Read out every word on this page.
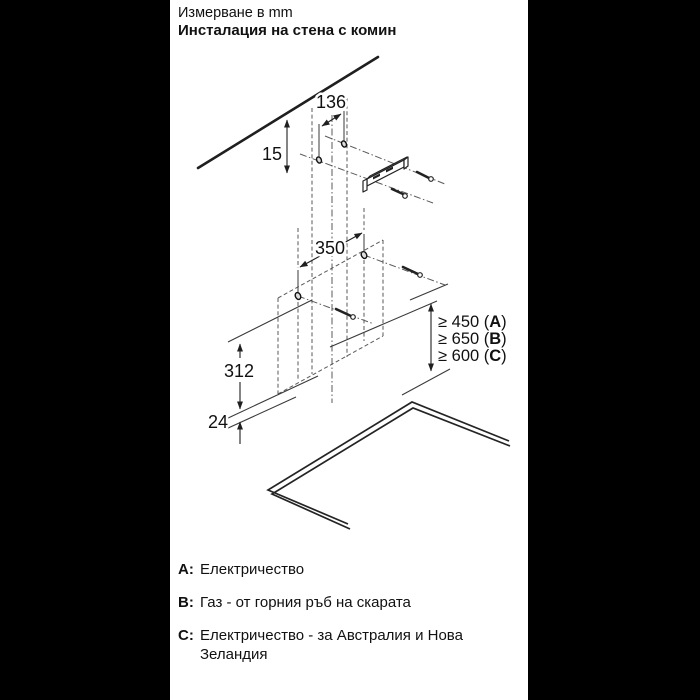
Измерване в mm
Инсталация на стена с комин
136
15
350
312
24
≥ 450 (A)
≥ 650 (B)
≥ 600 (C)
A: Електричество
B: Газ - от горния ръб на скарата
C: Електричество - за Австралия и Нова Зеландия
